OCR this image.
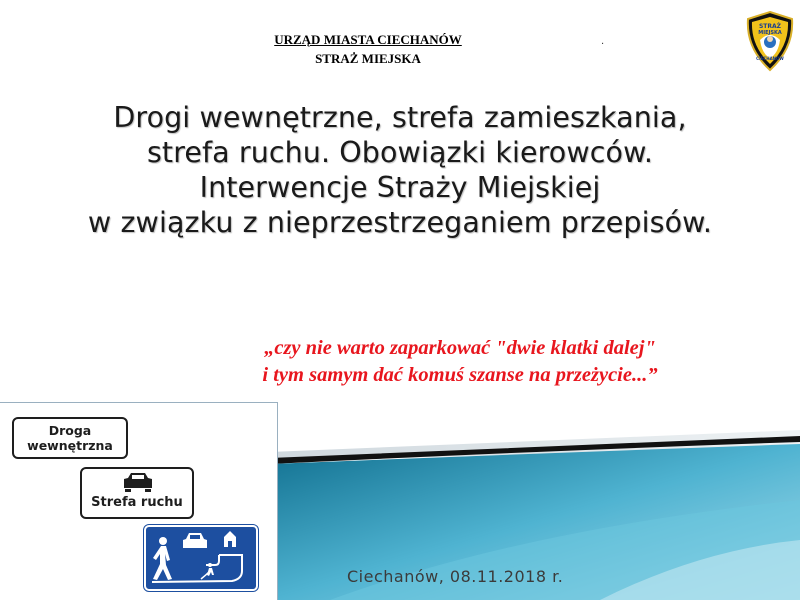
URZĄD MIASTA CIECHANÓW
STRAŻ MIEJSKA
.
STRAŻ
MIEJSKA
CIECHANÓW
Drogi wewnętrzne, strefa zamieszkania,
strefa ruchu. Obowiązki kierowców.
Interwencje Straży Miejskiej
w związku z nieprzestrzeganiem przepisów.
„czy nie warto zaparkować "dwie klatki dalej"
i tym samym dać komuś szanse na przeżycie...”
Droga
wewnętrzna
Strefa ruchu
Ciechanów, 08.11.2018 r.
